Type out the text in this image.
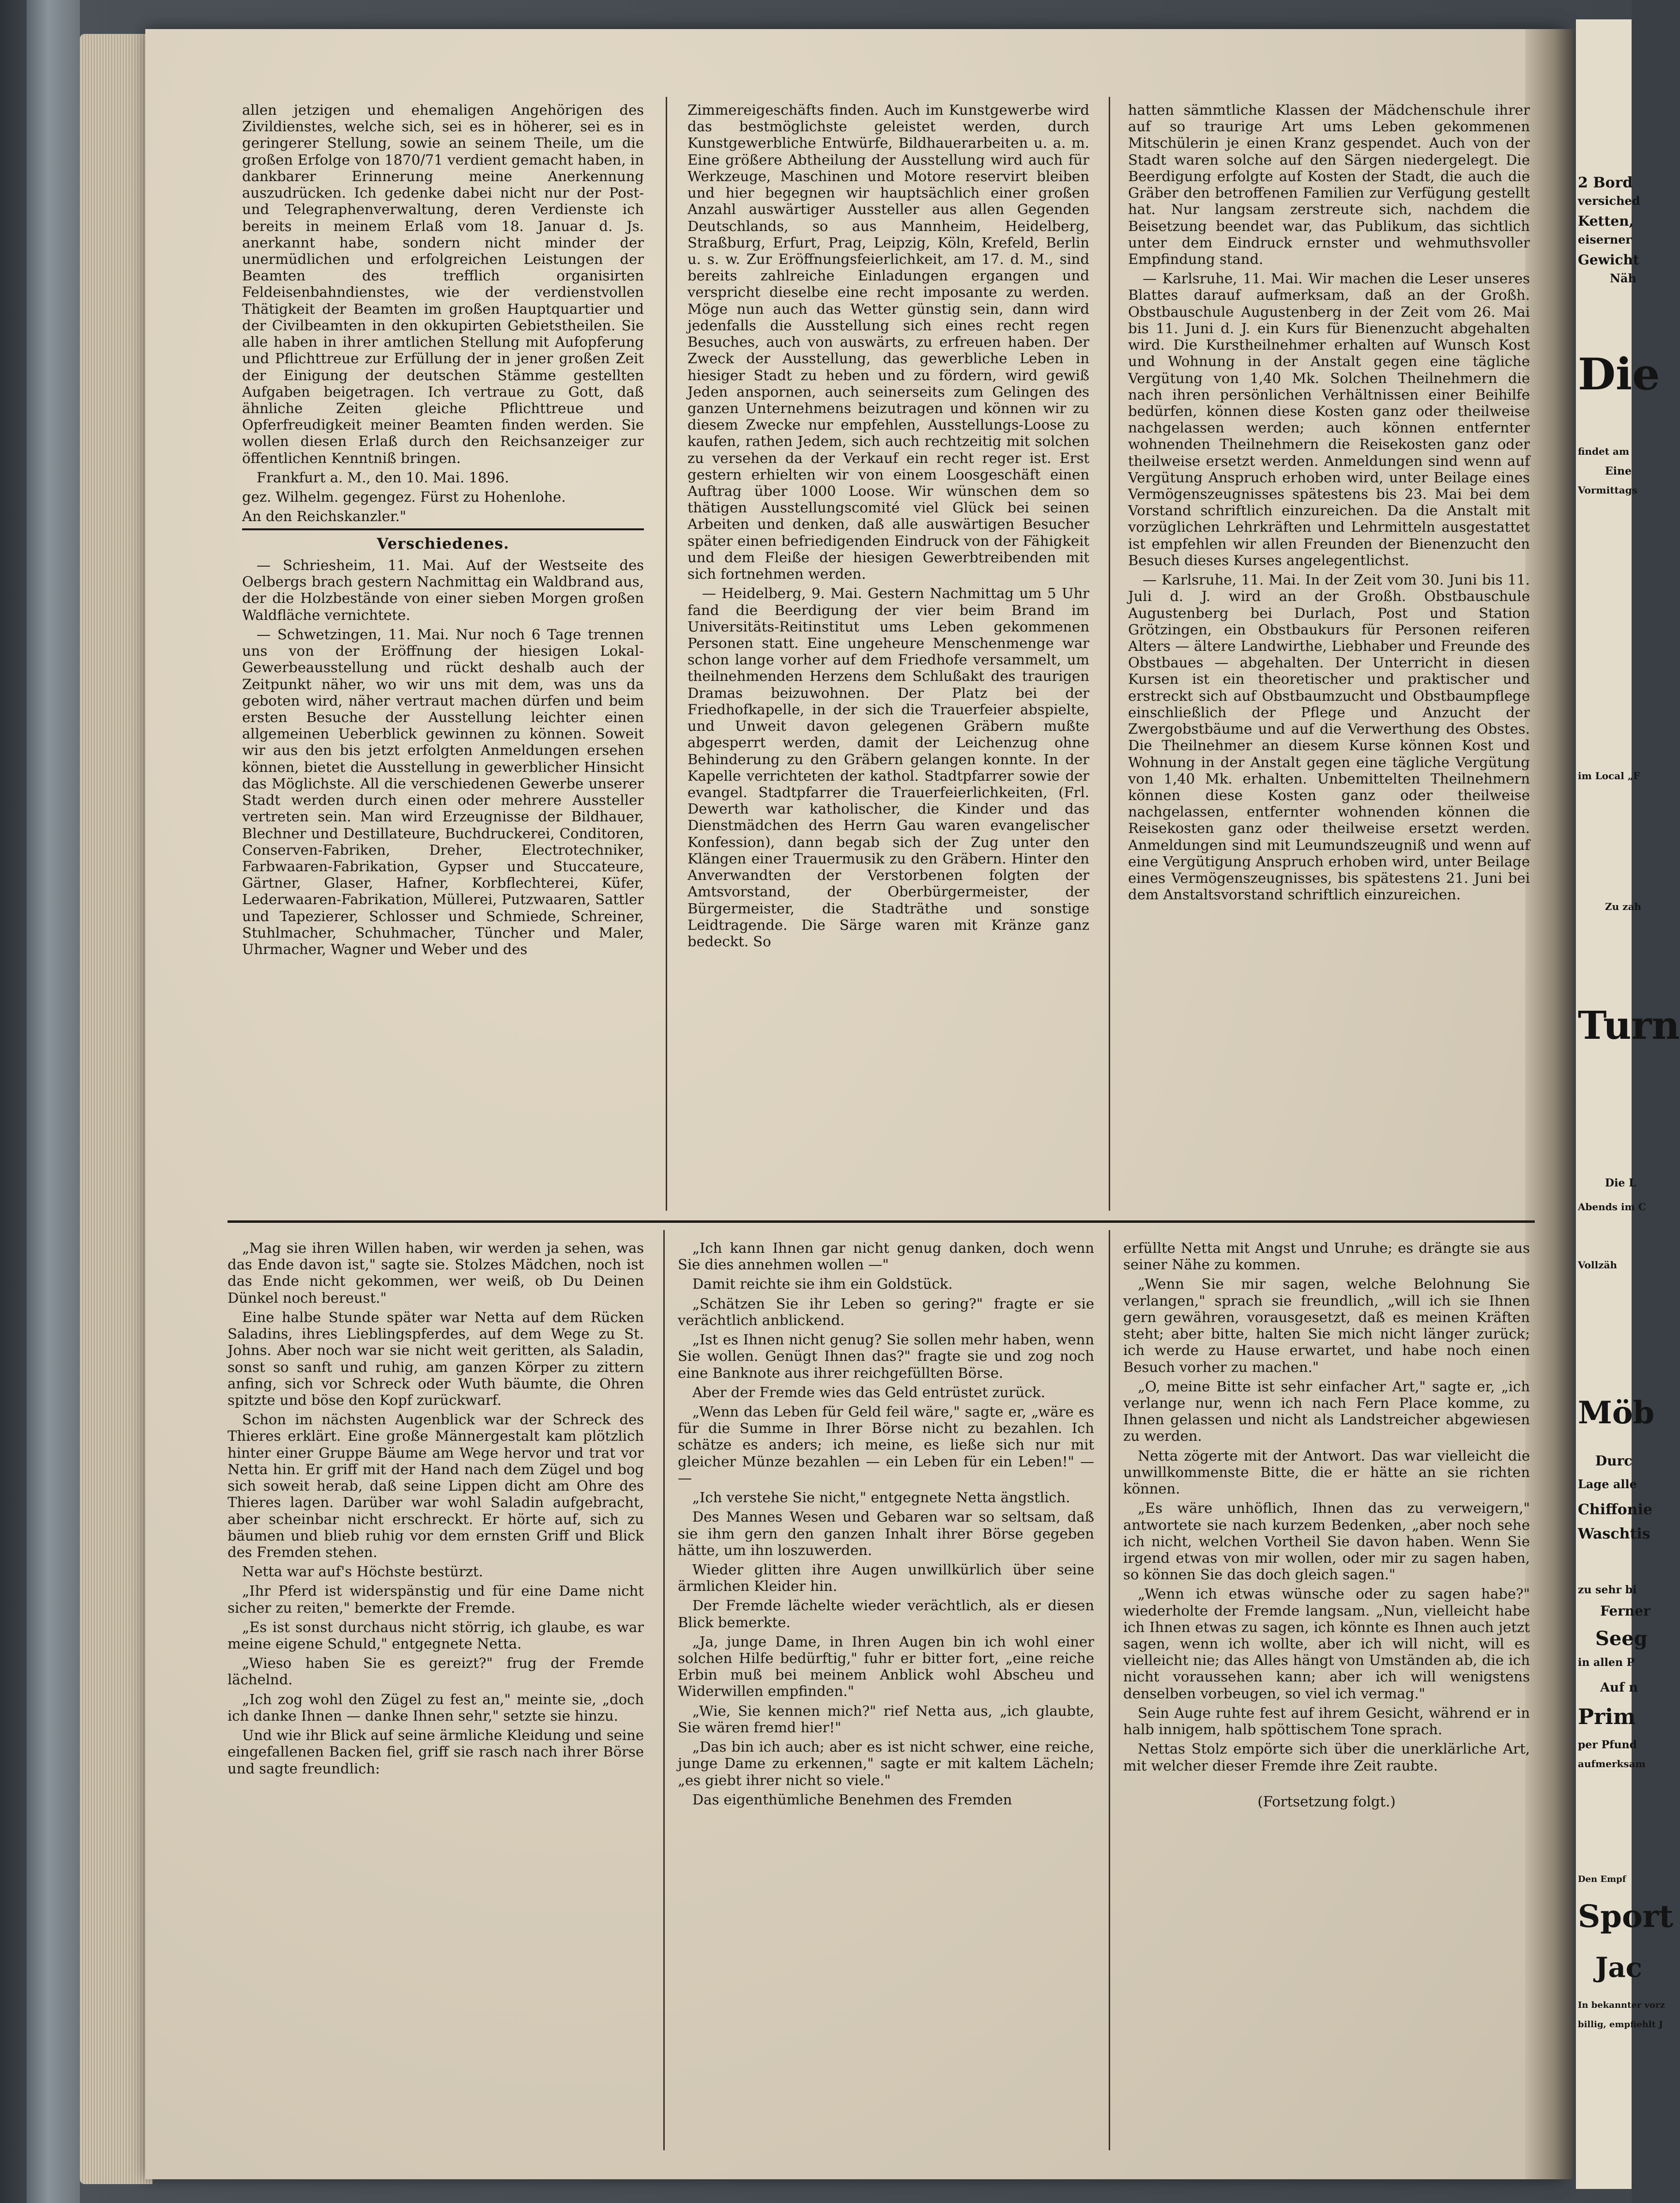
allen jetzigen und ehemaligen Angehörigen des Zivildienstes, welche sich, sei es in höherer, sei es in geringerer Stellung, sowie an seinem Theile, um die großen Erfolge von 1870/71 verdient gemacht haben, in dankbarer Erinnerung meine Anerkennung auszudrücken. Ich gedenke dabei nicht nur der Post- und Telegraphenverwaltung, deren Verdienste ich bereits in meinem Erlaß vom 18. Januar d. Js. anerkannt habe, sondern nicht minder der unermüdlichen und erfolgreichen Leistungen der Beamten des trefflich organisirten Feldeisenbahndienstes, wie der verdienstvollen Thätigkeit der Beamten im großen Hauptquartier und der Civilbeamten in den okkupirten Gebietstheilen. Sie alle haben in ihrer amtlichen Stellung mit Aufopferung und Pflichttreue zur Erfüllung der in jener großen Zeit der Einigung der deutschen Stämme gestellten Aufgaben beigetragen. Ich vertraue zu Gott, daß ähnliche Zeiten gleiche Pflichttreue und Opferfreudigkeit meiner Beamten finden werden. Sie wollen diesen Erlaß durch den Reichsanzeiger zur öffentlichen Kenntniß bringen.

Frankfurt a. M., den 10. Mai. 1896.

gez. Wilhelm. gegengez. Fürst zu Hohenlohe.

An den Reichskanzler."

Verschiedenes.

— Schriesheim, 11. Mai. Auf der Westseite des Oelbergs brach gestern Nachmittag ein Waldbrand aus, der die Holzbestände von einer sieben Morgen großen Waldfläche vernichtete.

— Schwetzingen, 11. Mai. Nur noch 6 Tage trennen uns von der Eröffnung der hiesigen Lokal-Gewerbeausstellung und rückt deshalb auch der Zeitpunkt näher, wo wir uns mit dem, was uns da geboten wird, näher vertraut machen dürfen und beim ersten Besuche der Ausstellung leichter einen allgemeinen Ueberblick gewinnen zu können. Soweit wir aus den bis jetzt erfolgten Anmeldungen ersehen können, bietet die Ausstellung in gewerblicher Hinsicht das Möglichste. All die verschiedenen Gewerbe unserer Stadt werden durch einen oder mehrere Aussteller vertreten sein. Man wird Erzeugnisse der Bildhauer, Blechner und Destillateure, Buchdruckerei, Conditoren, Conserven-Fabriken, Dreher, Electrotechniker, Farbwaaren-Fabrikation, Gypser und Stuccateure, Gärtner, Glaser, Hafner, Korbflechterei, Küfer, Lederwaaren-Fabrikation, Müllerei, Putzwaaren, Sattler und Tapezierer, Schlosser und Schmiede, Schreiner, Stuhlmacher, Schuhmacher, Tüncher und Maler, Uhrmacher, Wagner und Weber und des

Zimmereigeschäfts finden. Auch im Kunstgewerbe wird das bestmöglichste geleistet werden, durch Kunstgewerbliche Entwürfe, Bildhauerarbeiten u. a. m. Eine größere Abtheilung der Ausstellung wird auch für Werkzeuge, Maschinen und Motore reservirt bleiben und hier begegnen wir hauptsächlich einer großen Anzahl auswärtiger Aussteller aus allen Gegenden Deutschlands, so aus Mannheim, Heidelberg, Straßburg, Erfurt, Prag, Leipzig, Köln, Krefeld, Berlin u. s. w. Zur Eröffnungsfeierlichkeit, am 17. d. M., sind bereits zahlreiche Einladungen ergangen und verspricht dieselbe eine recht imposante zu werden. Möge nun auch das Wetter günstig sein, dann wird jedenfalls die Ausstellung sich eines recht regen Besuches, auch von auswärts, zu erfreuen haben. Der Zweck der Ausstellung, das gewerbliche Leben in hiesiger Stadt zu heben und zu fördern, wird gewiß Jeden anspornen, auch seinerseits zum Gelingen des ganzen Unternehmens beizutragen und können wir zu diesem Zwecke nur empfehlen, Ausstellungs-Loose zu kaufen, rathen Jedem, sich auch rechtzeitig mit solchen zu versehen da der Verkauf ein recht reger ist. Erst gestern erhielten wir von einem Loosgeschäft einen Auftrag über 1000 Loose. Wir wünschen dem so thätigen Ausstellungscomité viel Glück bei seinen Arbeiten und denken, daß alle auswärtigen Besucher später einen befriedigenden Eindruck von der Fähigkeit und dem Fleiße der hiesigen Gewerbtreibenden mit sich fortnehmen werden.

— Heidelberg, 9. Mai. Gestern Nachmittag um 5 Uhr fand die Beerdigung der vier beim Brand im Universitäts-Reitinstitut ums Leben gekommenen Personen statt. Eine ungeheure Menschenmenge war schon lange vorher auf dem Friedhofe versammelt, um theilnehmenden Herzens dem Schlußakt des traurigen Dramas beizuwohnen. Der Platz bei der Friedhofkapelle, in der sich die Trauerfeier abspielte, und Unweit davon gelegenen Gräbern mußte abgesperrt werden, damit der Leichenzug ohne Behinderung zu den Gräbern gelangen konnte. In der Kapelle verrichteten der kathol. Stadtpfarrer sowie der evangel. Stadtpfarrer die Trauerfeierlichkeiten, (Frl. Dewerth war katholischer, die Kinder und das Dienstmädchen des Herrn Gau waren evangelischer Konfession), dann begab sich der Zug unter den Klängen einer Trauermusik zu den Gräbern. Hinter den Anverwandten der Verstorbenen folgten der Amtsvorstand, der Oberbürgermeister, der Bürgermeister, die Stadträthe und sonstige Leidtragende. Die Särge waren mit Kränze ganz bedeckt. So

hatten sämmtliche Klassen der Mädchenschule ihrer auf so traurige Art ums Leben gekommenen Mitschülerin je einen Kranz gespendet. Auch von der Stadt waren solche auf den Särgen niedergelegt. Die Beerdigung erfolgte auf Kosten der Stadt, die auch die Gräber den betroffenen Familien zur Verfügung gestellt hat. Nur langsam zerstreute sich, nachdem die Beisetzung beendet war, das Publikum, das sichtlich unter dem Eindruck ernster und wehmuthsvoller Empfindung stand.

— Karlsruhe, 11. Mai. Wir machen die Leser unseres Blattes darauf aufmerksam, daß an der Großh. Obstbauschule Augustenberg in der Zeit vom 26. Mai bis 11. Juni d. J. ein Kurs für Bienenzucht abgehalten wird. Die Kurstheilnehmer erhalten auf Wunsch Kost und Wohnung in der Anstalt gegen eine tägliche Vergütung von 1,40 Mk. Solchen Theilnehmern die nach ihren persönlichen Verhältnissen einer Beihilfe bedürfen, können diese Kosten ganz oder theilweise nachgelassen werden; auch können entfernter wohnenden Theilnehmern die Reisekosten ganz oder theilweise ersetzt werden. Anmeldungen sind wenn auf Vergütung Anspruch erhoben wird, unter Beilage eines Vermögenszeugnisses spätestens bis 23. Mai bei dem Vorstand schriftlich einzureichen. Da die Anstalt mit vorzüglichen Lehrkräften und Lehrmitteln ausgestattet ist empfehlen wir allen Freunden der Bienenzucht den Besuch dieses Kurses angelegentlichst.

— Karlsruhe, 11. Mai. In der Zeit vom 30. Juni bis 11. Juli d. J. wird an der Großh. Obstbauschule Augustenberg bei Durlach, Post und Station Grötzingen, ein Obstbaukurs für Personen reiferen Alters — ältere Landwirthe, Liebhaber und Freunde des Obstbaues — abgehalten. Der Unterricht in diesen Kursen ist ein theoretischer und praktischer und erstreckt sich auf Obstbaumzucht und Obstbaumpflege einschließlich der Pflege und Anzucht der Zwergobstbäume und auf die Verwerthung des Obstes. Die Theilnehmer an diesem Kurse können Kost und Wohnung in der Anstalt gegen eine tägliche Vergütung von 1,40 Mk. erhalten. Unbemittelten Theilnehmern können diese Kosten ganz oder theilweise nachgelassen, entfernter wohnenden können die Reisekosten ganz oder theilweise ersetzt werden. Anmeldungen sind mit Leumundszeugniß und wenn auf eine Vergütigung Anspruch erhoben wird, unter Beilage eines Vermögenszeugnisses, bis spätestens 21. Juni bei dem Anstaltsvorstand schriftlich einzureichen.

„Mag sie ihren Willen haben, wir werden ja sehen, was das Ende davon ist," sagte sie. Stolzes Mädchen, noch ist das Ende nicht gekommen, wer weiß, ob Du Deinen Dünkel noch bereust."

Eine halbe Stunde später war Netta auf dem Rücken Saladins, ihres Lieblingspferdes, auf dem Wege zu St. Johns. Aber noch war sie nicht weit geritten, als Saladin, sonst so sanft und ruhig, am ganzen Körper zu zittern anfing, sich vor Schreck oder Wuth bäumte, die Ohren spitzte und böse den Kopf zurückwarf.

Schon im nächsten Augenblick war der Schreck des Thieres erklärt. Eine große Männergestalt kam plötzlich hinter einer Gruppe Bäume am Wege hervor und trat vor Netta hin. Er griff mit der Hand nach dem Zügel und bog sich soweit herab, daß seine Lippen dicht am Ohre des Thieres lagen. Darüber war wohl Saladin aufgebracht, aber scheinbar nicht erschreckt. Er hörte auf, sich zu bäumen und blieb ruhig vor dem ernsten Griff und Blick des Fremden stehen.

Netta war auf's Höchste bestürzt.

„Ihr Pferd ist widerspänstig und für eine Dame nicht sicher zu reiten," bemerkte der Fremde.

„Es ist sonst durchaus nicht störrig, ich glaube, es war meine eigene Schuld," entgegnete Netta.

„Wieso haben Sie es gereizt?" frug der Fremde lächelnd.

„Ich zog wohl den Zügel zu fest an," meinte sie, „doch ich danke Ihnen — danke Ihnen sehr," setzte sie hinzu.

Und wie ihr Blick auf seine ärmliche Kleidung und seine eingefallenen Backen fiel, griff sie rasch nach ihrer Börse und sagte freundlich:

„Ich kann Ihnen gar nicht genug danken, doch wenn Sie dies annehmen wollen —"

Damit reichte sie ihm ein Goldstück.

„Schätzen Sie ihr Leben so gering?" fragte er sie verächtlich anblickend.

„Ist es Ihnen nicht genug? Sie sollen mehr haben, wenn Sie wollen. Genügt Ihnen das?" fragte sie und zog noch eine Banknote aus ihrer reichgefüllten Börse.

Aber der Fremde wies das Geld entrüstet zurück.

„Wenn das Leben für Geld feil wäre," sagte er, „wäre es für die Summe in Ihrer Börse nicht zu bezahlen. Ich schätze es anders; ich meine, es ließe sich nur mit gleicher Münze bezahlen — ein Leben für ein Leben!" — —

„Ich verstehe Sie nicht," entgegnete Netta ängstlich.

Des Mannes Wesen und Gebaren war so seltsam, daß sie ihm gern den ganzen Inhalt ihrer Börse gegeben hätte, um ihn loszuwerden.

Wieder glitten ihre Augen unwillkürlich über seine ärmlichen Kleider hin.

Der Fremde lächelte wieder verächtlich, als er diesen Blick bemerkte.

„Ja, junge Dame, in Ihren Augen bin ich wohl einer solchen Hilfe bedürftig," fuhr er bitter fort, „eine reiche Erbin muß bei meinem Anblick wohl Abscheu und Widerwillen empfinden."

„Wie, Sie kennen mich?" rief Netta aus, „ich glaubte, Sie wären fremd hier!"

„Das bin ich auch; aber es ist nicht schwer, eine reiche, junge Dame zu erkennen," sagte er mit kaltem Lächeln; „es giebt ihrer nicht so viele."

Das eigenthümliche Benehmen des Fremden

erfüllte Netta mit Angst und Unruhe; es drängte sie aus seiner Nähe zu kommen.

„Wenn Sie mir sagen, welche Belohnung Sie verlangen," sprach sie freundlich, „will ich sie Ihnen gern gewähren, vorausgesetzt, daß es meinen Kräften steht; aber bitte, halten Sie mich nicht länger zurück; ich werde zu Hause erwartet, und habe noch einen Besuch vorher zu machen."

„O, meine Bitte ist sehr einfacher Art," sagte er, „ich verlange nur, wenn ich nach Fern Place komme, zu Ihnen gelassen und nicht als Landstreicher abgewiesen zu werden.

Netta zögerte mit der Antwort. Das war vielleicht die unwillkommenste Bitte, die er hätte an sie richten können.

„Es wäre unhöflich, Ihnen das zu verweigern," antwortete sie nach kurzem Bedenken, „aber noch sehe ich nicht, welchen Vortheil Sie davon haben. Wenn Sie irgend etwas von mir wollen, oder mir zu sagen haben, so können Sie das doch gleich sagen."

„Wenn ich etwas wünsche oder zu sagen habe?" wiederholte der Fremde langsam. „Nun, vielleicht habe ich Ihnen etwas zu sagen, ich könnte es Ihnen auch jetzt sagen, wenn ich wollte, aber ich will nicht, will es vielleicht nie; das Alles hängt von Umständen ab, die ich nicht voraussehen kann; aber ich will wenigstens denselben vorbeugen, so viel ich vermag."

Sein Auge ruhte fest auf ihrem Gesicht, während er in halb innigem, halb spöttischem Tone sprach.

Nettas Stolz empörte sich über die unerklärliche Art, mit welcher dieser Fremde ihre Zeit raubte.

(Fortsetzung folgt.)

2 Bord
versiched
Ketten,
eiserner
Gewicht
Näh
Die
findet am
Eine
Vormittags
im Local „F
Zu zah
Turn
Die L
Abends im C
Vollzäh
Möb
Durc
Lage alle
Chiffonie
Waschtis
zu sehr bi
Ferner
Seeg
in allen P
Auf n
Prim
per Pfund
aufmerksam
Den Empf
Sport
Jac
In bekannter vorz
billig, empfiehlt J
